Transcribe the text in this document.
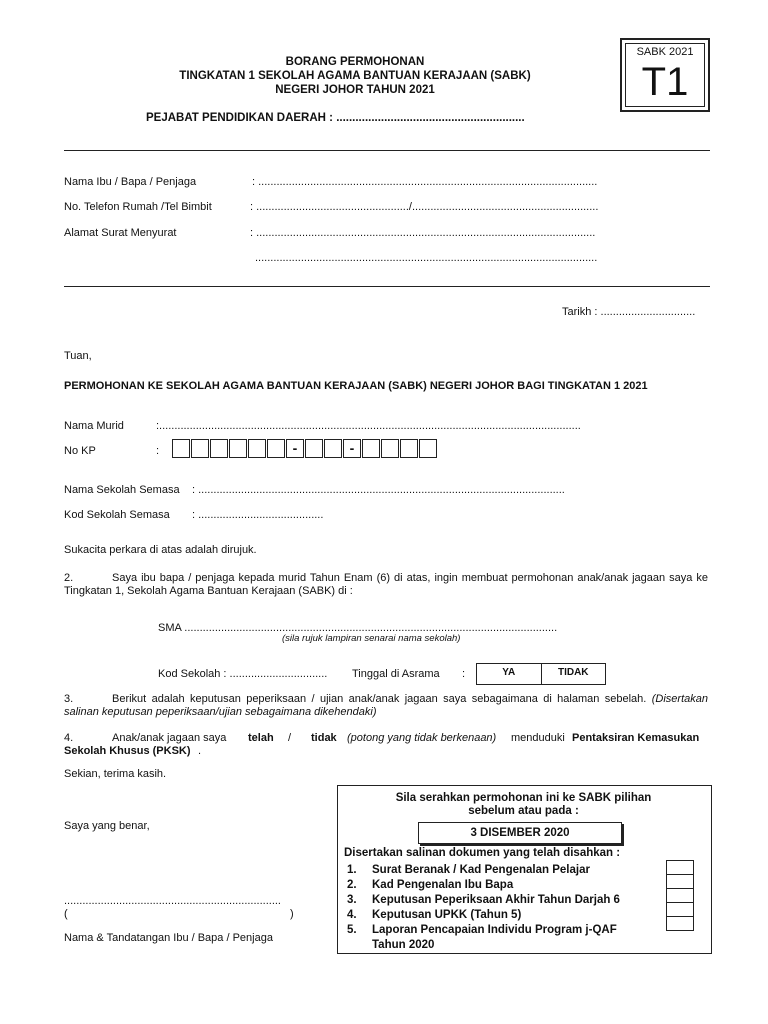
BORANG PERMOHONAN
TINGKATAN 1 SEKOLAH AGAMA BANTUAN KERAJAAN (SABK)
NEGERI JOHOR TAHUN 2021
PEJABAT PENDIDIKAN DAERAH : ...........................................................
SABK 2021
T1
Nama Ibu / Bapa / Penjaga	: ...............................................................................................................
No. Telefon Rumah /Tel Bimbit	: ................................................../.............................................................
Alamat Surat Menyurat	: ...............................................................................................................
................................................................................................................
Tarikh : ...............................
Tuan,
PERMOHONAN KE SEKOLAH AGAMA BANTUAN KERAJAAN (SABK) NEGERI JOHOR BAGI TINGKATAN 1 2021
Nama Murid	:..........................................................................................................................................
No KP	:	-	-
Nama Sekolah Semasa : ........................................................................................................................
Kod Sekolah Semasa : .........................................
Sukacita perkara di atas adalah dirujuk.
2.	Saya ibu bapa / penjaga kepada murid Tahun Enam (6) di atas, ingin membuat permohonan anak/anak jagaan saya ke Tingkatan 1, Sekolah Agama Bantuan Kerajaan (SABK) di :
SMA ..........................................................................................................................
(sila rujuk lampiran senarai nama sekolah)
Kod Sekolah : ................................ Tinggal di Asrama :	YA	TIDAK
3.	Berikut adalah keputusan peperiksaan / ujian anak/anak jagaan saya sebagaimana di halaman sebelah. (Disertakan salinan keputusan peperiksaan/ujian sebagaimana dikehendaki)
4.	Anak/anak jagaan saya telah / tidak (potong yang tidak berkenaan) menduduki Pentaksiran Kemasukan
Sekolah Khusus (PKSK) .
Sekian, terima kasih.
Saya yang benar,
.......................................................................
(	)
Nama & Tandatangan Ibu / Bapa / Penjaga
Sila serahkan permohonan ini ke SABK pilihan
sebelum atau pada :
3 DISEMBER 2020
Disertakan salinan dokumen yang telah disahkan :
1.	Surat Beranak / Kad Pengenalan Pelajar
2.	Kad Pengenalan Ibu Bapa
3.	Keputusan Peperiksaan Akhir Tahun Darjah 6
4.	Keputusan UPKK (Tahun 5)
5.	Laporan Pencapaian Individu Program j-QAF
Tahun 2020
